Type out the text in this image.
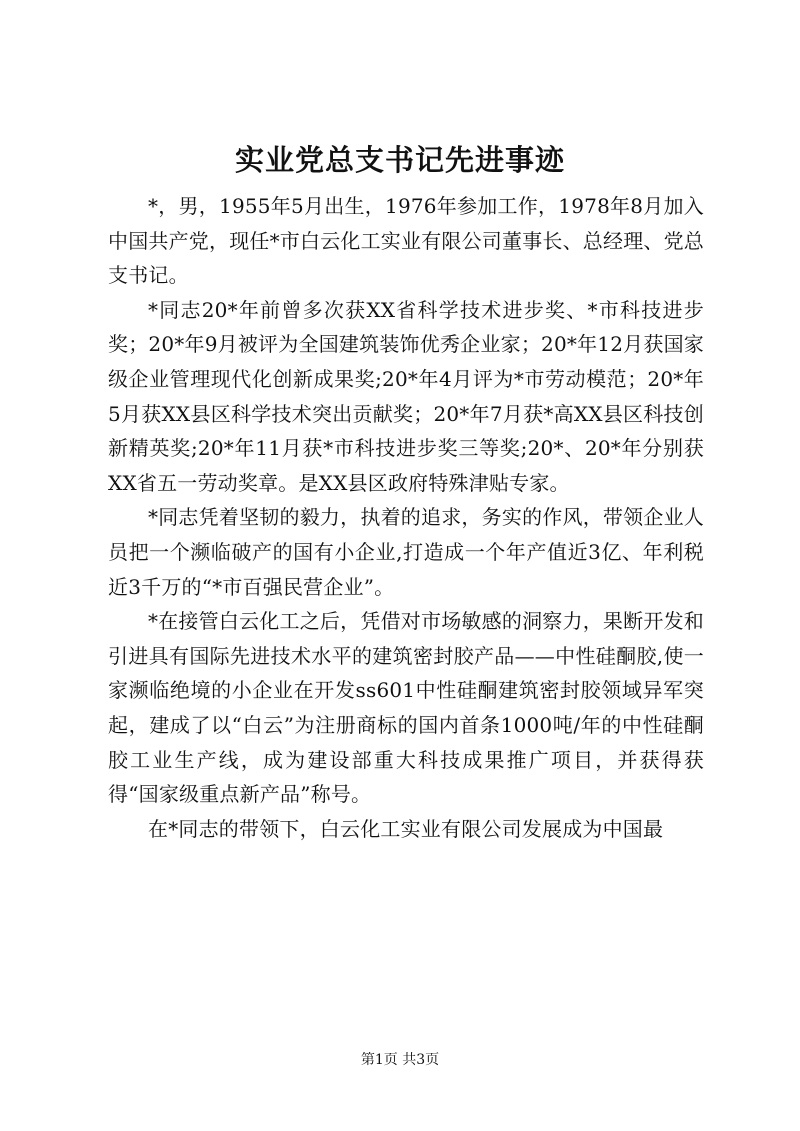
实业党总支书记先进事迹

*，男，1955年5月出生，1976年参加工作，1978年8月加入中国共产党，现任*市白云化工实业有限公司董事长、总经理、党总支书记。

*同志20*年前曾多次获XX省科学技术进步奖、*市科技进步奖；20*年9月被评为全国建筑装饰优秀企业家；20*年12月获国家级企业管理现代化创新成果奖;20*年4月评为*市劳动模范；20*年5月获XX县区科学技术突出贡献奖；20*年7月获*高XX县区科技创新精英奖;20*年11月获*市科技进步奖三等奖;20*、20*年分别获XX省五一劳动奖章。是XX县区政府特殊津贴专家。

*同志凭着坚韧的毅力，执着的追求，务实的作风，带领企业人员把一个濒临破产的国有小企业,打造成一个年产值近3亿、年利税近3千万的“*市百强民营企业”。

*在接管白云化工之后，凭借对市场敏感的洞察力，果断开发和引进具有国际先进技术水平的建筑密封胶产品——中性硅酮胶,使一家濒临绝境的小企业在开发ss601中性硅酮建筑密封胶领域异军突起，建成了以“白云”为注册商标的国内首条1000吨/年的中性硅酮胶工业生产线，成为建设部重大科技成果推广项目，并获得获得“国家级重点新产品”称号。

在*同志的带领下，白云化工实业有限公司发展成为中国最

第1页 共3页
